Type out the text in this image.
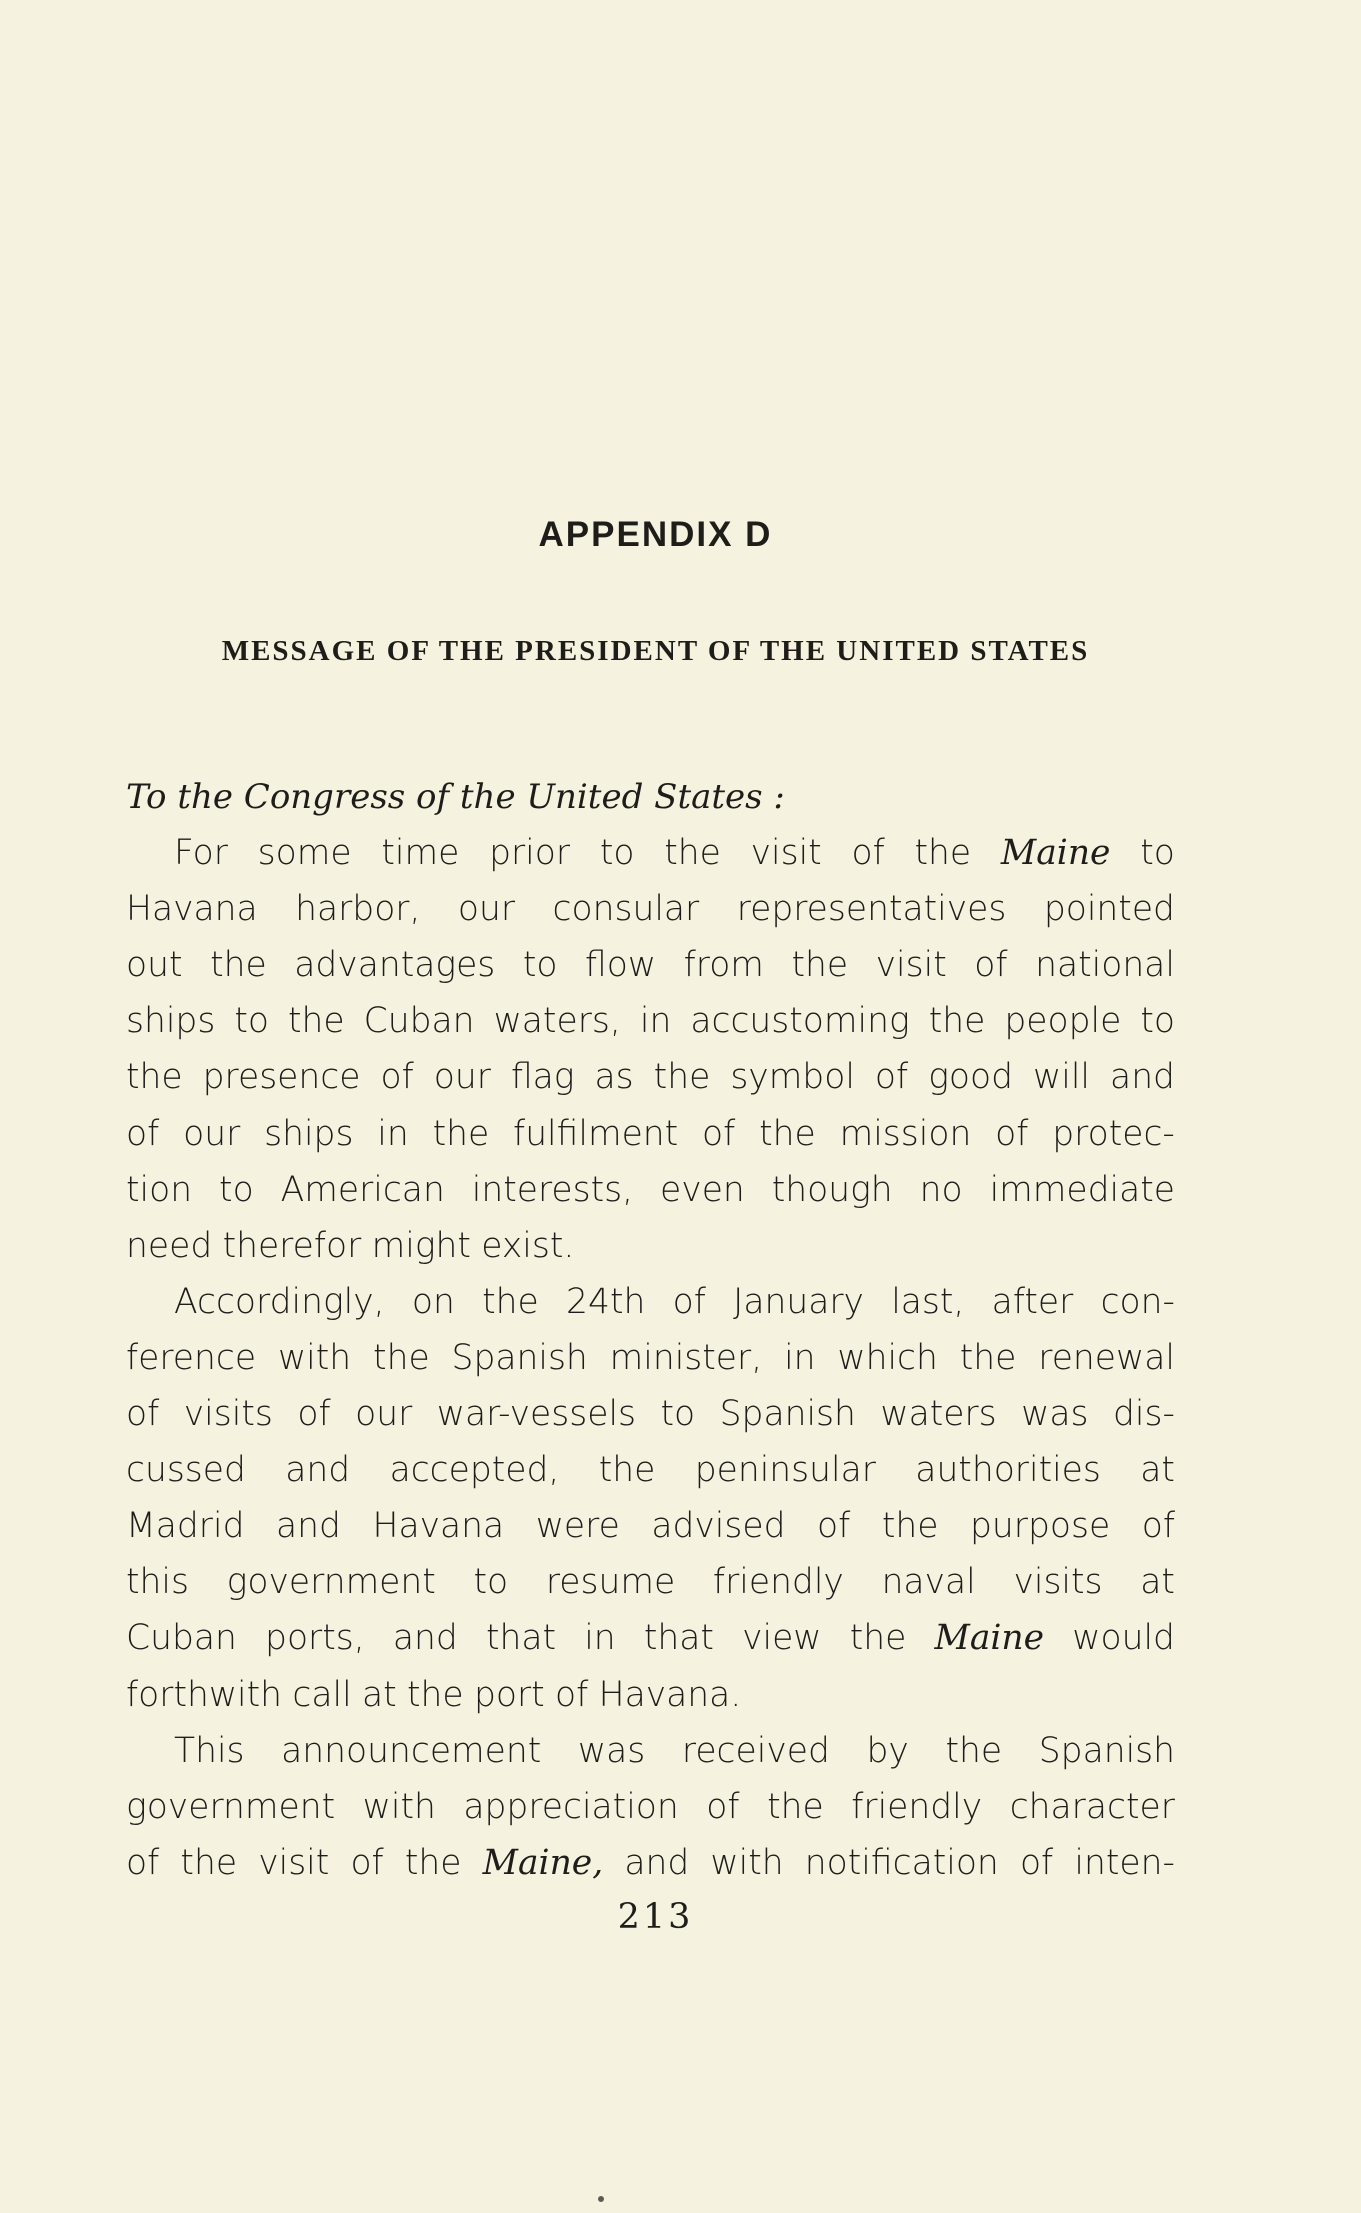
APPENDIX D
MESSAGE OF THE PRESIDENT OF THE UNITED STATES
To the Congress of the United States :
For some time prior to the visit of the Maine to
Havana harbor, our consular representatives pointed
out the advantages to flow from the visit of national
ships to the Cuban waters, in accustoming the people to
the presence of our flag as the symbol of good will and
of our ships in the fulfilment of the mission of protec-
tion to American interests, even though no immediate
need therefor might exist.
Accordingly, on the 24th of January last, after con-
ference with the Spanish minister, in which the renewal
of visits of our war-vessels to Spanish waters was dis-
cussed and accepted, the peninsular authorities at
Madrid and Havana were advised of the purpose of
this government to resume friendly naval visits at
Cuban ports, and that in that view the Maine would
forthwith call at the port of Havana.
This announcement was received by the Spanish
government with appreciation of the friendly character
of the visit of the Maine, and with notification of inten-
213
